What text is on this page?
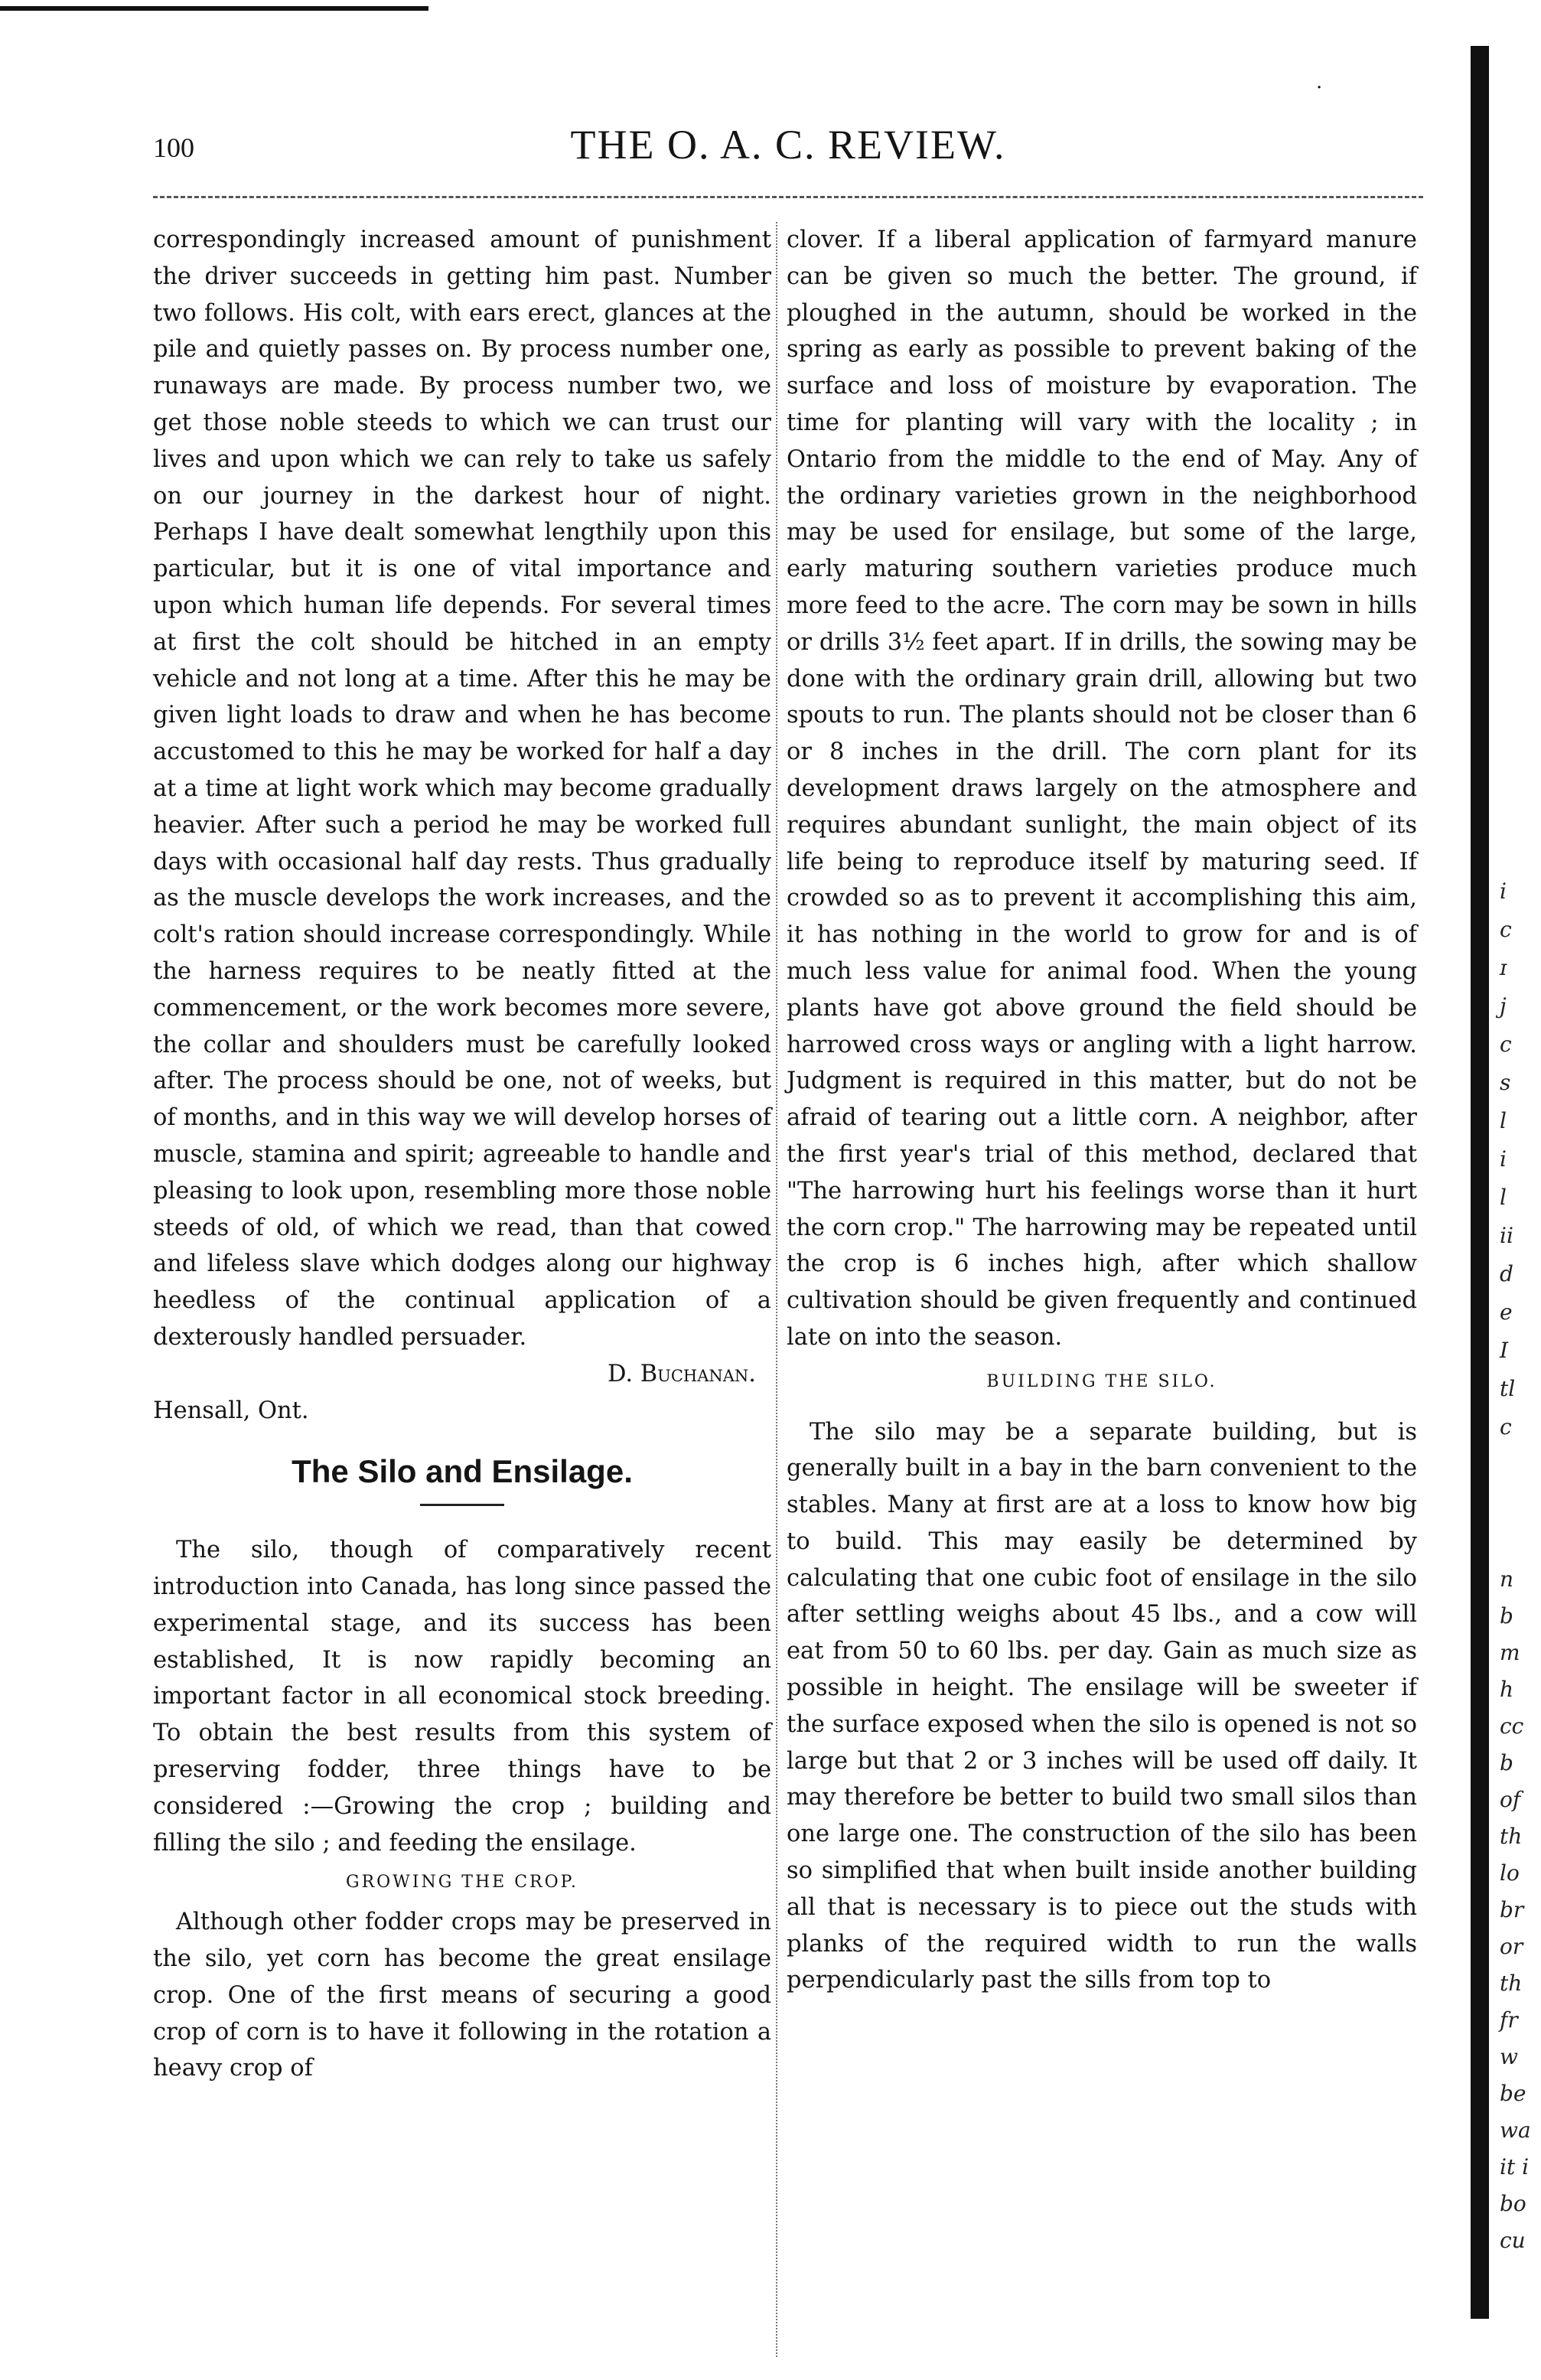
·
100	THE O. A. C. REVIEW.

correspondingly increased amount of punishment the driver succeeds in getting him past. Number two follows. His colt, with ears erect, glances at the pile and quietly passes on. By process number one, runaways are made. By process number two, we get those noble steeds to which we can trust our lives and upon which we can rely to take us safely on our journey in the darkest hour of night. Perhaps I have dealt somewhat lengthily upon this particular, but it is one of vital importance and upon which human life depends. For several times at first the colt should be hitched in an empty vehicle and not long at a time. After this he may be given light loads to draw and when he has become accustomed to this he may be worked for half a day at a time at light work which may become gradually heavier. After such a period he may be worked full days with occasional half day rests. Thus gradually as the muscle develops the work increases, and the colt's ration should increase correspondingly. While the harness requires to be neatly fitted at the commencement, or the work becomes more severe, the collar and shoulders must be carefully looked after. The process should be one, not of weeks, but of months, and in this way we will develop horses of muscle, stamina and spirit; agreeable to handle and pleasing to look upon, resembling more those noble steeds of old, of which we read, than that cowed and lifeless slave which dodges along our highway heedless of the continual application of a dexterously handled persuader.

D. Buchanan.

Hensall, Ont.

The Silo and Ensilage.

The silo, though of comparatively recent introduction into Canada, has long since passed the experimental stage, and its success has been established, It is now rapidly becoming an important factor in all economical stock breeding. To obtain the best results from this system of preserving fodder, three things have to be considered :—Growing the crop ; building and filling the silo ; and feeding the ensilage.

GROWING THE CROP.

Although other fodder crops may be preserved in the silo, yet corn has become the great ensilage crop. One of the first means of securing a good crop of corn is to have it following in the rotation a heavy crop of

clover. If a liberal application of farmyard manure can be given so much the better. The ground, if ploughed in the autumn, should be worked in the spring as early as possible to prevent baking of the surface and loss of moisture by evaporation. The time for planting will vary with the locality ; in Ontario from the middle to the end of May. Any of the ordinary varieties grown in the neighborhood may be used for ensilage, but some of the large, early maturing southern varieties produce much more feed to the acre. The corn may be sown in hills or drills 3½ feet apart. If in drills, the sowing may be done with the ordinary grain drill, allowing but two spouts to run. The plants should not be closer than 6 or 8 inches in the drill. The corn plant for its development draws largely on the atmosphere and requires abundant sunlight, the main object of its life being to reproduce itself by maturing seed. If crowded so as to prevent it accomplishing this aim, it has nothing in the world to grow for and is of much less value for animal food. When the young plants have got above ground the field should be harrowed cross ways or angling with a light harrow. Judgment is required in this matter, but do not be afraid of tearing out a little corn. A neighbor, after the first year's trial of this method, declared that "The harrowing hurt his feelings worse than it hurt the corn crop." The harrowing may be repeated until the crop is 6 inches high, after which shallow cultivation should be given frequently and continued late on into the season.

BUILDING THE SILO.

The silo may be a separate building, but is generally built in a bay in the barn convenient to the stables. Many at first are at a loss to know how big to build. This may easily be determined by calculating that one cubic foot of ensilage in the silo after settling weighs about 45 lbs., and a cow will eat from 50 to 60 lbs. per day. Gain as much size as possible in height. The ensilage will be sweeter if the surface exposed when the silo is opened is not so large but that 2 or 3 inches will be used off daily. It may therefore be better to build two small silos than one large one. The construction of the silo has been so simplified that when built inside another building all that is necessary is to piece out the studs with planks of the required width to run the walls perpendicularly past the sills from top to

i
c
ɪ
j
c
s
l
i
l
ii
d
e
I
tl
c
n
b
m
h
cc
b
of
th
lo
br
or
th
fr
w
be
wa
it i
bo
cu
